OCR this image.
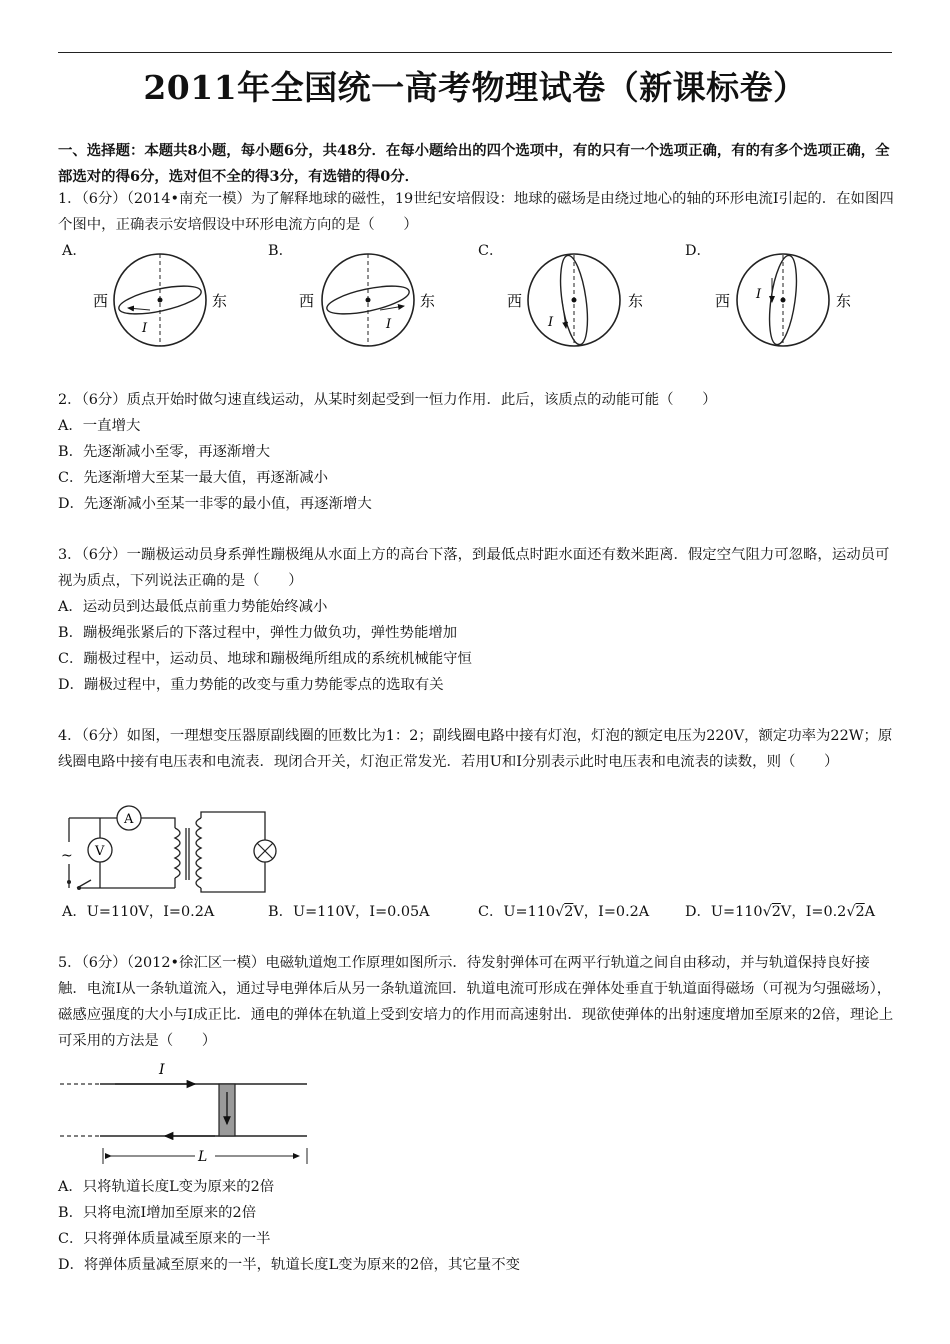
2011年全国统一高考物理试卷（新课标卷）
一、选择题：本题共8小题，每小题6分，共48分．在每小题给出的四个选项中，有的只有一个选项正确，有的有多个选项正确，全部选对的得6分，选对但不全的得3分，有选错的得0分．
1．（6分）（2014•南充一模）为了解释地球的磁性，19世纪安培假设：地球的磁场是由绕过地心的轴的环形电流I引起的．在如图四个图中，正确表示安培假设中环形电流方向的是（　　）
A．	B．	C．	D．
西	东
I
西	东
I
西	东
I
西	东
I
2．（6分）质点开始时做匀速直线运动，从某时刻起受到一恒力作用．此后，该质点的动能可能（　　）
A．一直增大
B．先逐渐减小至零，再逐渐增大
C．先逐渐增大至某一最大值，再逐渐减小
D．先逐渐减小至某一非零的最小值，再逐渐增大
3．（6分）一蹦极运动员身系弹性蹦极绳从水面上方的高台下落，到最低点时距水面还有数米距离．假定空气阻力可忽略，运动员可视为质点，下列说法正确的是（　　）
A．运动员到达最低点前重力势能始终减小
B．蹦极绳张紧后的下落过程中，弹性力做负功，弹性势能增加
C．蹦极过程中，运动员、地球和蹦极绳所组成的系统机械能守恒
D．蹦极过程中，重力势能的改变与重力势能零点的选取有关
4．（6分）如图，一理想变压器原副线圈的匝数比为1：2；副线圈电路中接有灯泡，灯泡的额定电压为220V，额定功率为22W；原线圈电路中接有电压表和电流表．现闭合开关，灯泡正常发光．若用U和I分别表示此时电压表和电流表的读数，则（　　）
~
A
V
A．U=110V，I=0.2A	B．U=110V，I=0.05A	C．U=110√2V，I=0.2A D．U=110√2V，I=0.2√2A
5．（6分）（2012•徐汇区一模）电磁轨道炮工作原理如图所示．待发射弹体可在两平行轨道之间自由移动，并与轨道保持良好接触．电流I从一条轨道流入，通过导电弹体后从另一条轨道流回．轨道电流可形成在弹体处垂直于轨道面得磁场（可视为匀强磁场），磁感应强度的大小与I成正比．通电的弹体在轨道上受到安培力的作用而高速射出．现欲使弹体的出射速度增加至原来的2倍，理论上可采用的方法是（　　）
I
L
A．只将轨道长度L变为原来的2倍
B．只将电流I增加至原来的2倍
C．只将弹体质量减至原来的一半
D．将弹体质量减至原来的一半，轨道长度L变为原来的2倍，其它量不变
